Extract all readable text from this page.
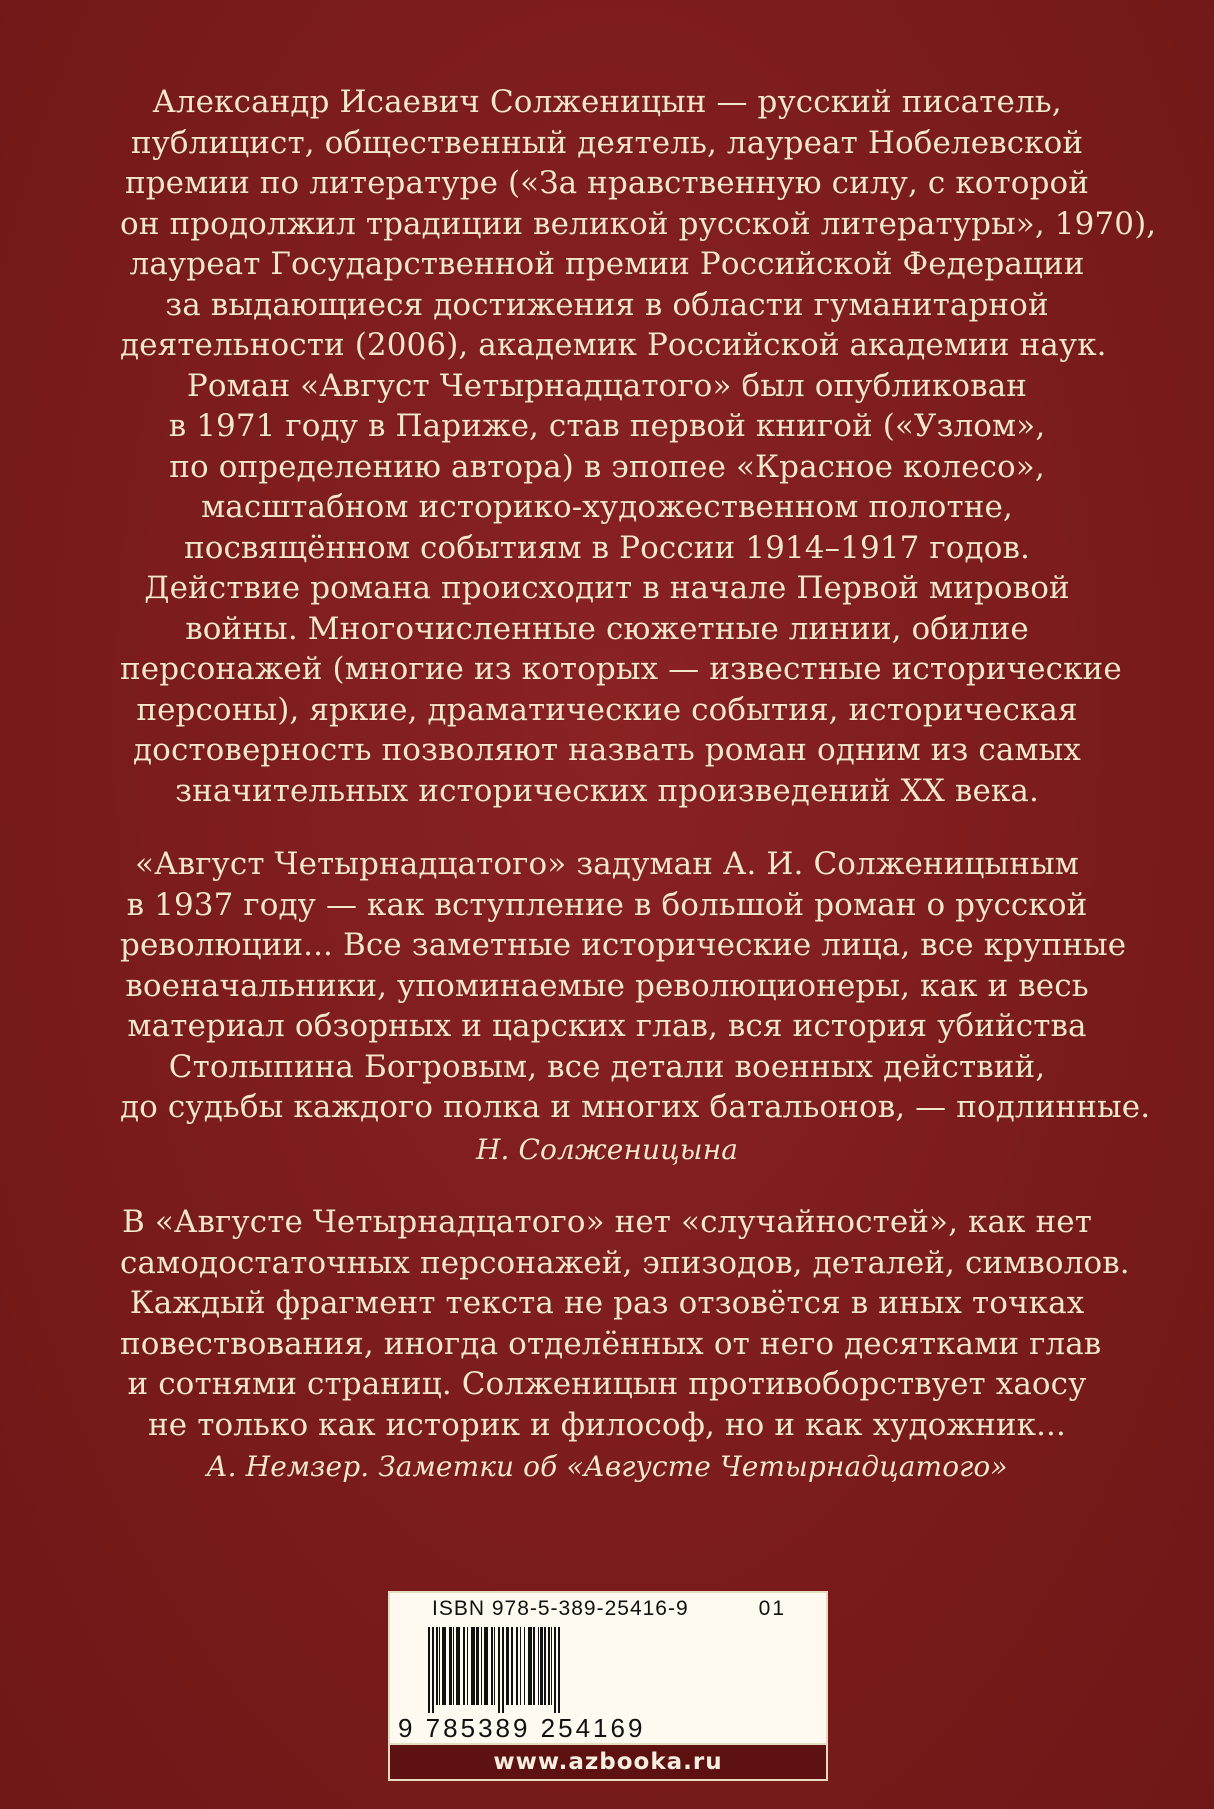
Александр Исаевич Солженицын — русский писатель,
публицист, общественный деятель, лауреат Нобелевской
премии по литературе («За нравственную силу, с которой
он продолжил традиции великой русской литературы», 1970),
лауреат Государственной премии Российской Федерации
за выдающиеся достижения в области гуманитарной
деятельности (2006), академик Российской академии наук.
Роман «Август Четырнадцатого» был опубликован
в 1971 году в Париже, став первой книгой («Узлом»,
по определению автора) в эпопее «Красное колесо»,
масштабном историко-художественном полотне,
посвящённом событиям в России 1914–1917 годов.
Действие романа происходит в начале Первой мировой
войны. Многочисленные сюжетные линии, обилие
персонажей (многие из которых — известные исторические
персоны), яркие, драматические события, историческая
достоверность позволяют назвать роман одним из самых
значительных исторических произведений XX века.
«Август Четырнадцатого» задуман А. И. Солженицыным
в 1937 году — как вступление в большой роман о русской
революции... Все заметные исторические лица, все крупные
военачальники, упоминаемые революционеры, как и весь
материал обзорных и царских глав, вся история убийства
Столыпина Богровым, все детали военных действий,
до судьбы каждого полка и многих батальонов, — подлинные.
Н. Солженицына
В «Августе Четырнадцатого» нет «случайностей», как нет
самодостаточных персонажей, эпизодов, деталей, символов.
Каждый фрагмент текста не раз отзовётся в иных точках
повествования, иногда отделённых от него десятками глав
и сотнями страниц. Солженицын противоборствует хаосу
не только как историк и философ, но и как художник...
А. Немзер. Заметки об «Августе Четырнадцатого»
ISBN 978-5-389-25416-9	01
9 785389 254169
www.azbooka.ru
